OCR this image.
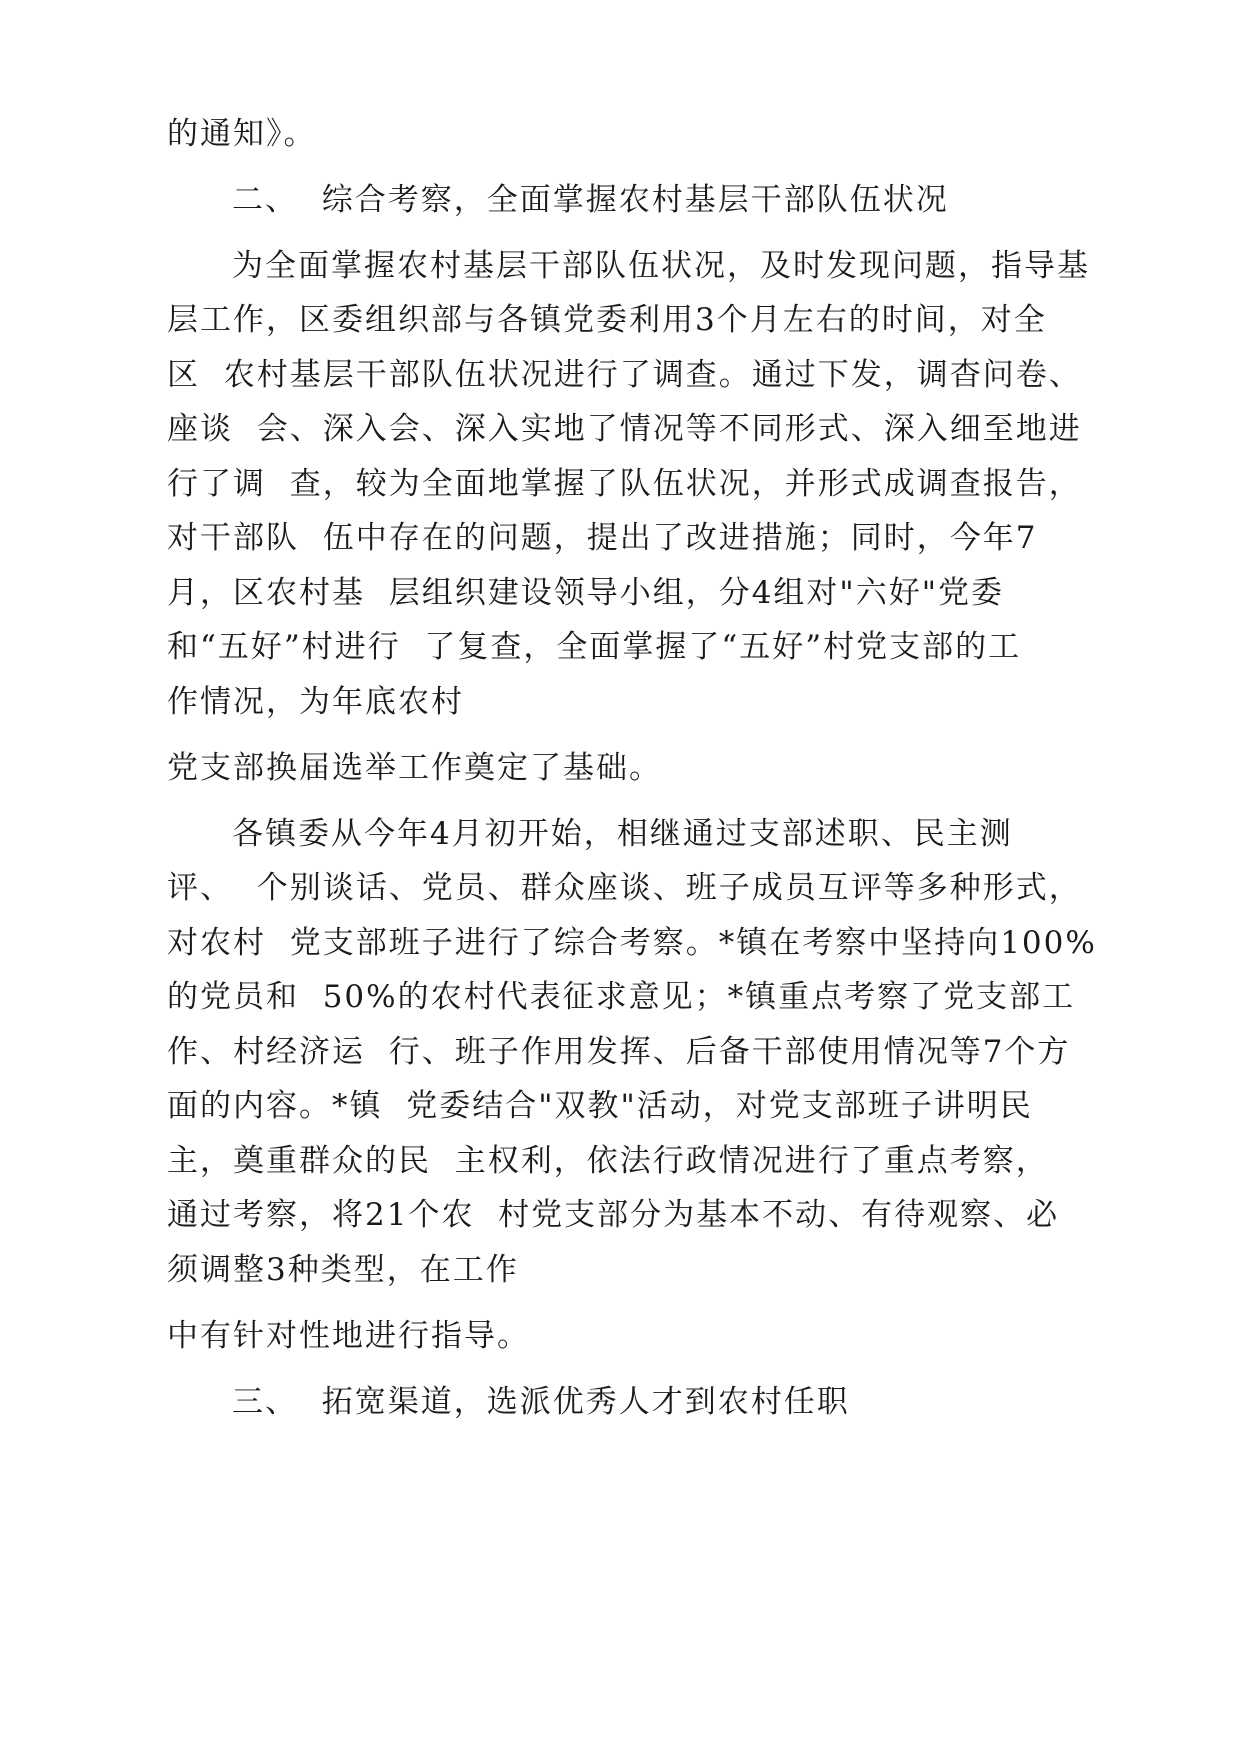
的通知》。

二、  综合考察，全面掌握农村基层干部队伍状况

为全面掌握农村基层干部队伍状况，及时发现问题，指导基

层工作，区委组织部与各镇党委利用3个月左右的时间，对全

区  农村基层干部队伍状况进行了调查。通过下发，调杳问卷、

座谈  会、深入会、深入实地了情况等不同形式、深入细至地进

行了调  查，较为全面地掌握了队伍状况，并形式成调查报告，

对干部队  伍中存在的问题，提出了改进措施；同时，今年7

月，区农村基  层组织建设领导小组，分4组对"六好"党委

和“五好”村进行  了复查，全面掌握了“五好”村党支部的工

作情况，为年底农村

党支部换届选举工作奠定了基础。

各镇委从今年4月初开始，相继通过支部述职、民主测

评、  个别谈话、党员、群众座谈、班子成员互评等多种形式，

对农村  党支部班子进行了综合考察。*镇在考察中坚持向100%

的党员和  50%的农村代表征求意见；*镇重点考察了党支部工

作、村经济运  行、班子作用发挥、后备干部使用情况等7个方

面的内容。*镇  党委结合"双教"活动，对党支部班子讲明民

主，奠重群众的民  主权利，依法行政情况进行了重点考察，

通过考察，将21个农  村党支部分为基本不动、有待观察、必

须调整3种类型，在工作

中有针对性地进行指导。

三、  拓宽渠道，选派优秀人才到农村任职
